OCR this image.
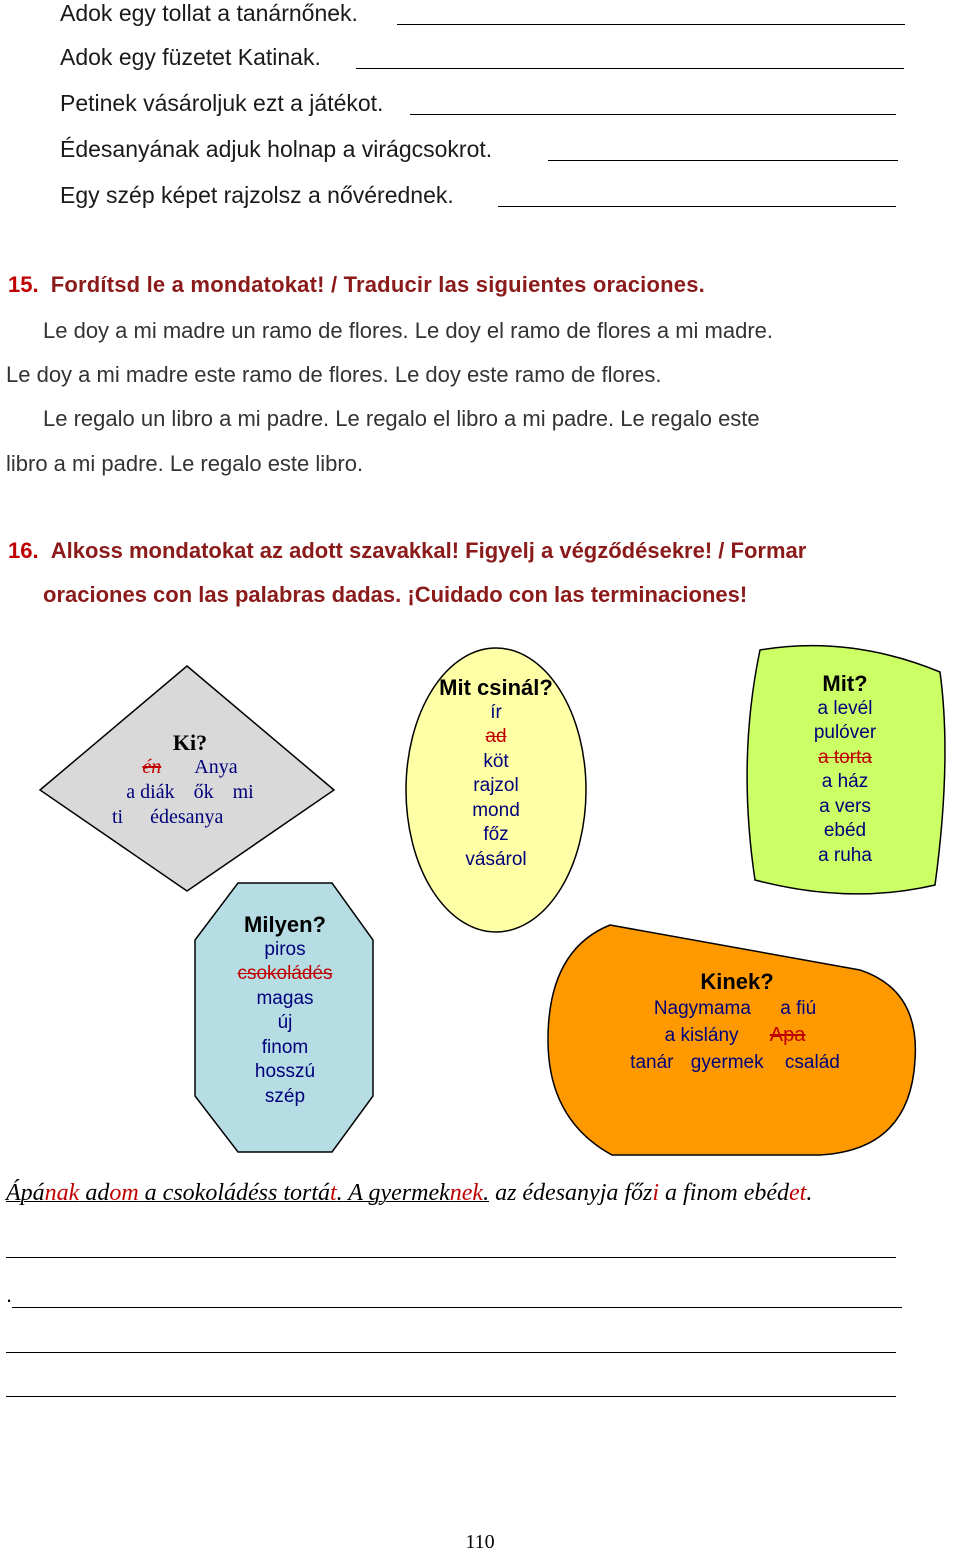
Adok egy tollat a tanárnőnek.
Adok egy füzetet Katinak.
Petinek vásároljuk ezt a játékot.
Édesanyának adjuk holnap a virágcsokrot.
Egy szép képet rajzolsz a nővérednek.
15. Fordítsd le a mondatokat! / Traducir las siguientes oraciones.
Le doy a mi madre un ramo de flores. Le doy el ramo de flores a mi madre.
Le doy a mi madre este ramo de flores. Le doy este ramo de flores.
Le regalo un libro a mi padre. Le regalo el libro a mi padre. Le regalo este
libro a mi padre. Le regalo este libro.
16. Alkoss mondatokat az adott szavakkal! Figyelj a végződésekre! / Formar
oraciones con las palabras dadas. ¡Cuidado con las terminaciones!
Ki?
én Anya
a diák ők mi
ti édesanya
Mit csinál?
ír
ad
köt
rajzol
mond
főz
vásárol
Mit?
a levél
pulóver
a torta
a ház
a vers
ebéd
a ruha
Milyen?
piros
csokoládés
magas
új
finom
hosszú
szép
Kinek?
Nagymama a fiú
a kislány Apa
tanár gyermek család
Ápának adom a csokoládéss tortát. A gyermeknek. az édesanyja főzi a finom ebédet.
.
110
